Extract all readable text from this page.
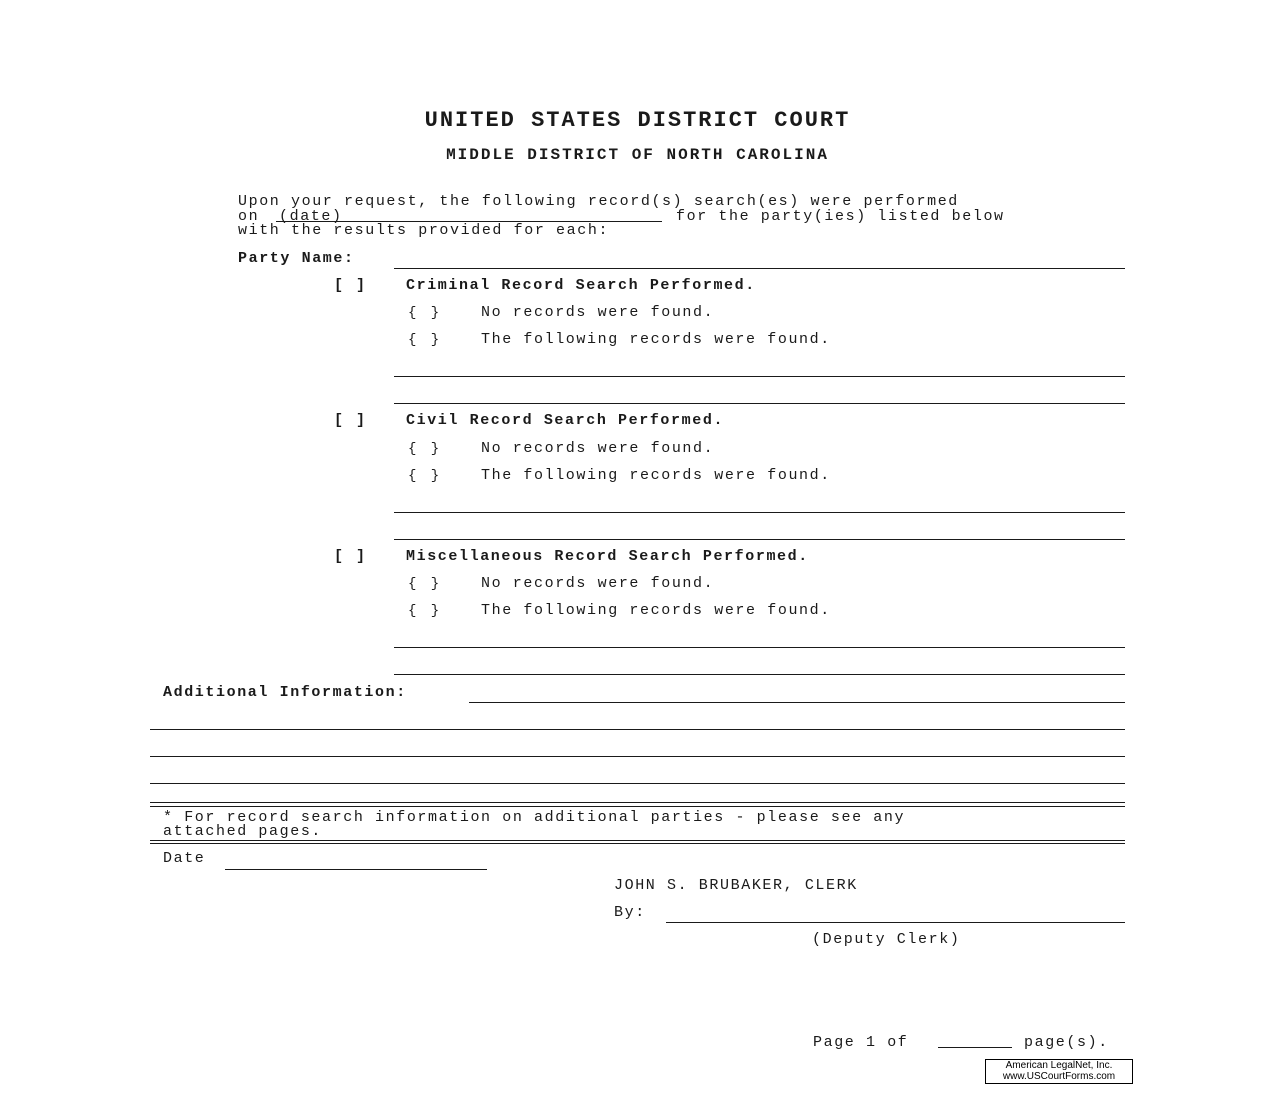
UNITED STATES DISTRICT COURT
MIDDLE DISTRICT OF NORTH CAROLINA
Upon your request, the following record(s) search(es) were performed
on (date)	for the party(ies) listed below
with the results provided for each:
Party Name:
[ ]	Criminal Record Search Performed.
{ }	No records were found.
{ }	The following records were found.
[ ]	Civil Record Search Performed.
{ }	No records were found.
{ }	The following records were found.
[ ]	Miscellaneous Record Search Performed.
{ }	No records were found.
{ }	The following records were found.
Additional Information:
* For record search information on additional parties - please see any
attached pages.
Date
JOHN S. BRUBAKER, CLERK
By:
(Deputy Clerk)
Page 1 of	page(s).
American LegalNet, Inc.
www.USCourtForms.com
